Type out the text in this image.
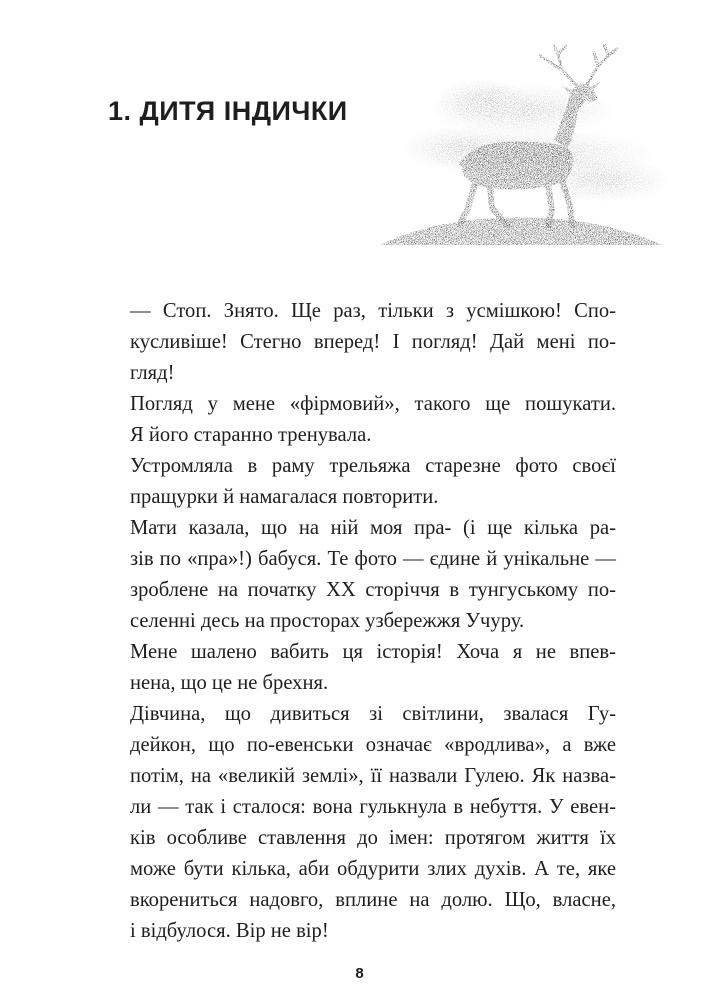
1. ДИТЯ ІНДИЧКИ

— Стоп. Знято. Ще раз, тільки з усмішкою! Спо-
кусливіше! Стегно вперед! І погляд! Дай мені по-
гляд!

Погляд у мене «фірмовий», такого ще пошукати.
Я його старанно тренувала.

Устромляла в раму трельяжа старезне фото своєї
пращурки й намагалася повторити.

Мати казала, що на ній моя пра- (і ще кілька ра-
зів по «пра»!) бабуся. Те фото — єдине й унікальне —
зроблене на початку XX сторіччя в тунгуському по-
селенні десь на просторах узбережжя Учуру.

Мене шалено вабить ця історія! Хоча я не впев-
нена, що це не брехня.

Дівчина, що дивиться зі світлини, звалася Гу-
дейкон, що по-евенськи означає «вродлива», а вже
потім, на «великій землі», її назвали Гулею. Як назва-
ли — так і сталося: вона гулькнула в небуття. У евен-
ків особливе ставлення до імен: протягом життя їх
може бути кілька, аби обдурити злих духів. А те, яке
вкорениться надовго, вплине на долю. Що, власне,
і відбулося. Вір не вір!

8
